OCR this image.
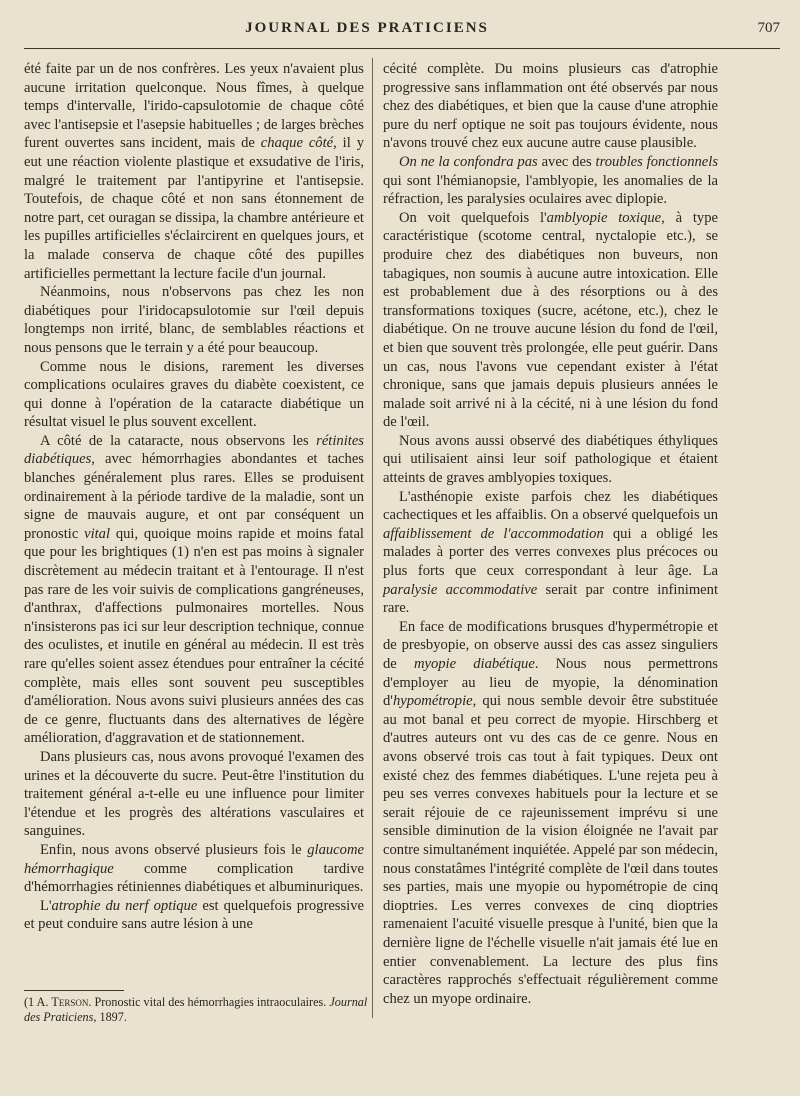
JOURNAL DES PRATICIENS	707

été faite par un de nos confrères. Les yeux n'avaient plus aucune irritation quelconque. Nous fîmes, à quelque temps d'intervalle, l'irido-capsulotomie de chaque côté avec l'antisepsie et l'asepsie habituelles ; de larges brèches furent ouvertes sans incident, mais de chaque côté, il y eut une réaction violente plastique et exsudative de l'iris, malgré le traitement par l'antipyrine et l'antisepsie. Toutefois, de chaque côté et non sans étonnement de notre part, cet ouragan se dissipa, la chambre antérieure et les pupilles artificielles s'éclaircirent en quelques jours, et la malade conserva de chaque côté des pupilles artificielles permettant la lecture facile d'un journal.

Néanmoins, nous n'observons pas chez les non diabétiques pour l'iridocapsulotomie sur l'œil depuis longtemps non irrité, blanc, de semblables réactions et nous pensons que le terrain y a été pour beaucoup.

Comme nous le disions, rarement les diverses complications oculaires graves du diabète coexistent, ce qui donne à l'opération de la cataracte diabétique un résultat visuel le plus souvent excellent.

A côté de la cataracte, nous observons les rétinites diabétiques, avec hémorrhagies abondantes et taches blanches généralement plus rares. Elles se produisent ordinairement à la période tardive de la maladie, sont un signe de mauvais augure, et ont par conséquent un pronostic vital qui, quoique moins rapide et moins fatal que pour les brightiques (1) n'en est pas moins à signaler discrètement au médecin traitant et à l'entourage. Il n'est pas rare de les voir suivis de complications gangréneuses, d'anthrax, d'affections pulmonaires mortelles. Nous n'insisterons pas ici sur leur description technique, connue des oculistes, et inutile en général au médecin. Il est très rare qu'elles soient assez étendues pour entraîner la cécité complète, mais elles sont souvent peu susceptibles d'amélioration. Nous avons suivi plusieurs années des cas de ce genre, fluctuants dans des alternatives de légère amélioration, d'aggravation et de stationnement.

Dans plusieurs cas, nous avons provoqué l'examen des urines et la découverte du sucre. Peut-être l'institution du traitement général a-t-elle eu une influence pour limiter l'étendue et les progrès des altérations vasculaires et sanguines.

Enfin, nous avons observé plusieurs fois le glaucome hémorrhagique comme complication tardive d'hémorrhagies rétiniennes diabétiques et albuminuriques.

L'atrophie du nerf optique est quelquefois progressive et peut conduire sans autre lésion à une

cécité complète. Du moins plusieurs cas d'atrophie progressive sans inflammation ont été observés par nous chez des diabétiques, et bien que la cause d'une atrophie pure du nerf optique ne soit pas toujours évidente, nous n'avons trouvé chez eux aucune autre cause plausible.

On ne la confondra pas avec des troubles fonctionnels qui sont l'hémianopsie, l'amblyopie, les anomalies de la réfraction, les paralysies oculaires avec diplopie.

On voit quelquefois l'amblyopie toxique, à type caractéristique (scotome central, nyctalopie etc.), se produire chez des diabétiques non buveurs, non tabagiques, non soumis à aucune autre intoxication. Elle est probablement due à des résorptions ou à des transformations toxiques (sucre, acétone, etc.), chez le diabétique. On ne trouve aucune lésion du fond de l'œil, et bien que souvent très prolongée, elle peut guérir. Dans un cas, nous l'avons vue cependant exister à l'état chronique, sans que jamais depuis plusieurs années le malade soit arrivé ni à la cécité, ni à une lésion du fond de l'œil.

Nous avons aussi observé des diabétiques éthyliques qui utilisaient ainsi leur soif pathologique et étaient atteints de graves amblyopies toxiques.

L'asthénopie existe parfois chez les diabétiques cachectiques et les affaiblis. On a observé quelquefois un affaiblissement de l'accommodation qui a obligé les malades à porter des verres convexes plus précoces ou plus forts que ceux correspondant à leur âge. La paralysie accommodative serait par contre infiniment rare.

En face de modifications brusques d'hypermétropie et de presbyopie, on observe aussi des cas assez singuliers de myopie diabétique. Nous nous permettrons d'employer au lieu de myopie, la dénomination d'hypométropie, qui nous semble devoir être substituée au mot banal et peu correct de myopie. Hirschberg et d'autres auteurs ont vu des cas de ce genre. Nous en avons observé trois cas tout à fait typiques. Deux ont existé chez des femmes diabétiques. L'une rejeta peu à peu ses verres convexes habituels pour la lecture et se serait réjouie de ce rajeunissement imprévu si une sensible diminution de la vision éloignée ne l'avait par contre simultanément inquiétée. Appelé par son médecin, nous constatâmes l'intégrité complète de l'œil dans toutes ses parties, mais une myopie ou hypométropie de cinq dioptries. Les verres convexes de cinq dioptries ramenaient l'acuité visuelle presque à l'unité, bien que la dernière ligne de l'échelle visuelle n'ait jamais été lue en entier convenablement. La lecture des plus fins caractères rapprochés s'effectuait régulièrement comme chez un myope ordinaire.

(1 A. Terson. Pronostic vital des hémorrhagies intraoculaires. Journal des Praticiens, 1897.
